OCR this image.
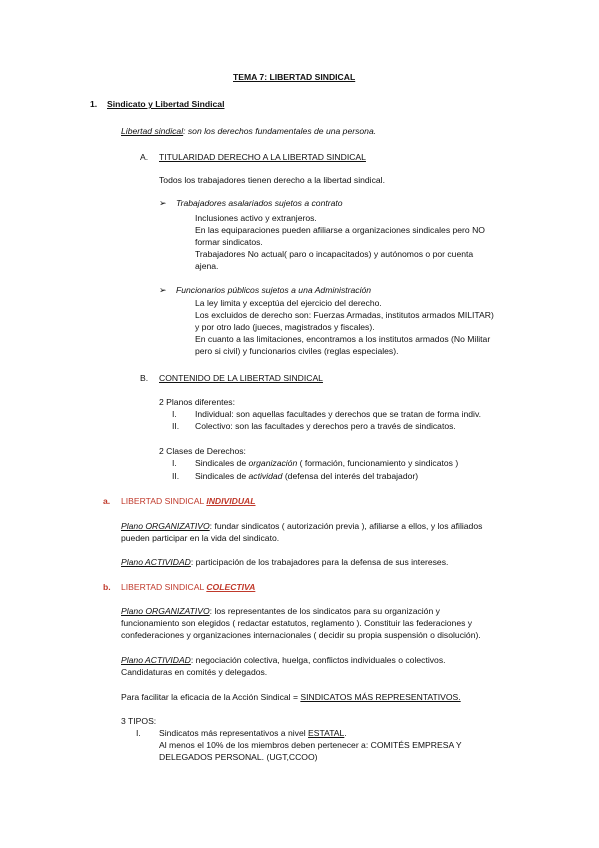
TEMA 7: LIBERTAD SINDICAL

1. Sindicato y Libertad Sindical

Libertad sindical: son los derechos fundamentales de una persona.

A. TITULARIDAD DERECHO A LA LIBERTAD SINDICAL

Todos los trabajadores tienen derecho a la libertad sindical.

➢ Trabajadores asalariados sujetos a contrato

Inclusiones activo y extranjeros.

En las equiparaciones pueden afiliarse a organizaciones sindicales pero NO

formar sindicatos.

Trabajadores No actual( paro o incapacitados) y autónomos o por cuenta

ajena.

➢ Funcionarios públicos sujetos a una Administración

La ley limita y exceptúa del ejercicio del derecho.

Los excluidos de derecho son: Fuerzas Armadas, institutos armados MILITAR)

y por otro lado (jueces, magistrados y fiscales).

En cuanto a las limitaciones, encontramos a los institutos armados (No Militar

pero si civil) y funcionarios civiles (reglas especiales).

B. CONTENIDO DE LA LIBERTAD SINDICAL

2 Planos diferentes:

I. Individual: son aquellas facultades y derechos que se tratan de forma indiv.

II. Colectivo: son las facultades y derechos pero a través de sindicatos.

2 Clases de Derechos:

I. Sindicales de organización ( formación, funcionamiento y sindicatos )

II. Sindicales de actividad (defensa del interés del trabajador)

a. LIBERTAD SINDICAL INDIVIDUAL

Plano ORGANIZATIVO: fundar sindicatos ( autorización previa ), afiliarse a ellos, y los afiliados

pueden participar en la vida del sindicato.

Plano ACTIVIDAD: participación de los trabajadores para la defensa de sus intereses.

b. LIBERTAD SINDICAL COLECTIVA

Plano ORGANIZATIVO: los representantes de los sindicatos para su organización y

funcionamiento son elegidos ( redactar estatutos, reglamento ). Constituir las federaciones y

confederaciones y organizaciones internacionales ( decidir su propia suspensión o disolución).

Plano ACTIVIDAD: negociación colectiva, huelga, conflictos individuales o colectivos.

Candidaturas en comités y delegados.

Para facilitar la eficacia de la Acción Sindical = SINDICATOS MÁS REPRESENTATIVOS.

3 TIPOS:

I. Sindicatos más representativos a nivel ESTATAL.

Al menos el 10% de los miembros deben pertenecer a: COMITÉS EMPRESA Y

DELEGADOS PERSONAL. (UGT,CCOO)
